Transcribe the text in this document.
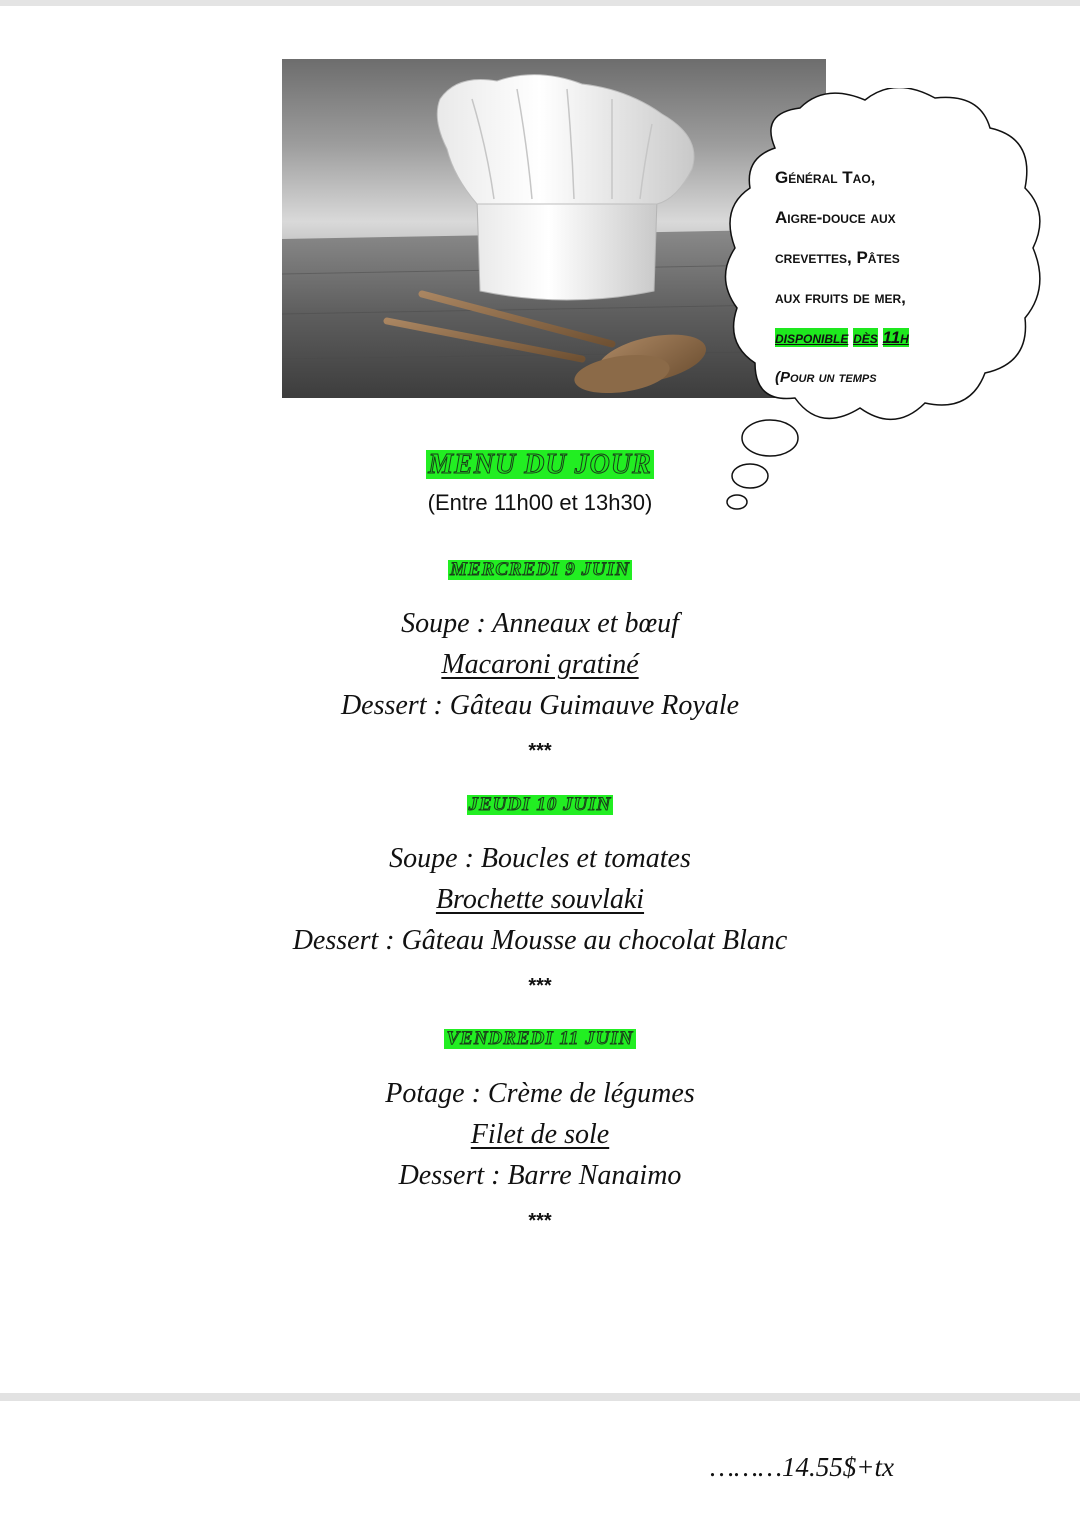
Général Tao,
Aigre-douce aux
crevettes, Pâtes
aux fruits de mer,
disponible dès 11h
(Pour un temps
MENU DU JOUR
(Entre 11h00 et 13h30)
MERCREDI 9 JUIN
Soupe : Anneaux et bœuf
Macaroni gratiné
Dessert : Gâteau Guimauve Royale
***
JEUDI 10 JUIN
Soupe : Boucles et tomates
Brochette souvlaki
Dessert : Gâteau Mousse au chocolat Blanc
***
VENDREDI 11 JUIN
Potage : Crème de légumes
Filet de sole
Dessert : Barre Nanaimo
***
………14.55$+tx
